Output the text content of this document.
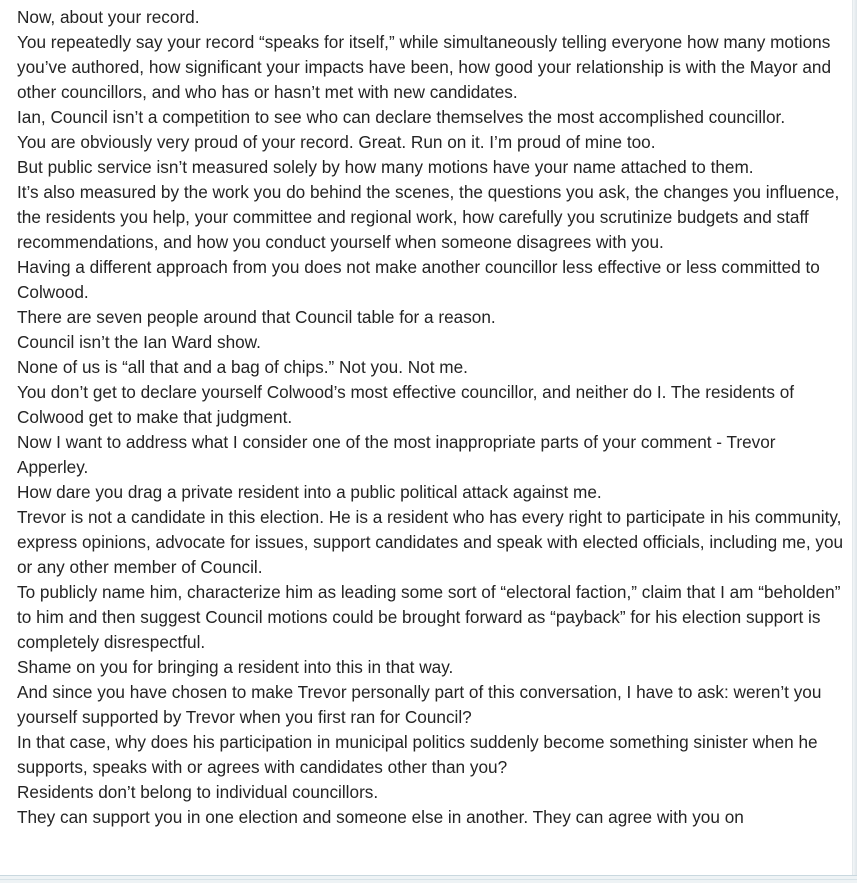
Now, about your record.

You repeatedly say your record “speaks for itself,” while simultaneously telling everyone how many motions you’ve authored, how significant your impacts have been, how good your relationship is with the Mayor and other councillors, and who has or hasn’t met with new candidates.

Ian, Council isn’t a competition to see who can declare themselves the most accomplished councillor.

You are obviously very proud of your record. Great. Run on it. I’m proud of mine too.

But public service isn’t measured solely by how many motions have your name attached to them.

It’s also measured by the work you do behind the scenes, the questions you ask, the changes you influence, the residents you help, your committee and regional work, how carefully you scrutinize budgets and staff recommendations, and how you conduct yourself when someone disagrees with you.

Having a different approach from you does not make another councillor less effective or less committed to Colwood.

There are seven people around that Council table for a reason.

Council isn’t the Ian Ward show.

None of us is “all that and a bag of chips.” Not you. Not me.

You don’t get to declare yourself Colwood’s most effective councillor, and neither do I. The residents of Colwood get to make that judgment.

Now I want to address what I consider one of the most inappropriate parts of your comment - Trevor Apperley.

How dare you drag a private resident into a public political attack against me.

Trevor is not a candidate in this election. He is a resident who has every right to participate in his community, express opinions, advocate for issues, support candidates and speak with elected officials, including me, you or any other member of Council.

To publicly name him, characterize him as leading some sort of “electoral faction,” claim that I am “beholden” to him and then suggest Council motions could be brought forward as “payback” for his election support is completely disrespectful.

Shame on you for bringing a resident into this in that way.

And since you have chosen to make Trevor personally part of this conversation, I have to ask: weren’t you yourself supported by Trevor when you first ran for Council?

In that case, why does his participation in municipal politics suddenly become something sinister when he supports, speaks with or agrees with candidates other than you?

Residents don’t belong to individual councillors.

They can support you in one election and someone else in another. They can agree with you on
